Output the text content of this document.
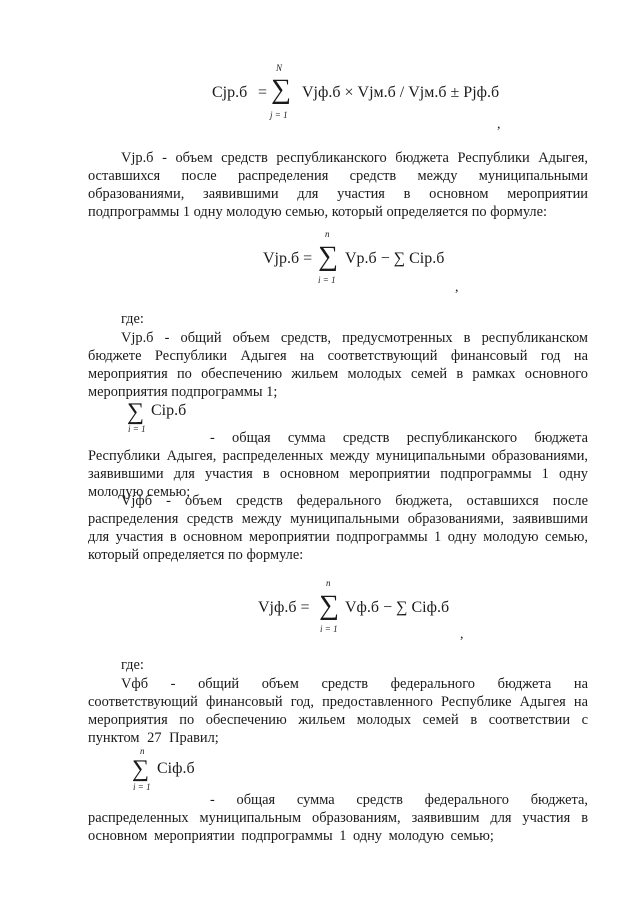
Cjр.б =
N
∑
j = 1
Vjф.б × Vjм.б / Vjм.б ± Pjф.б
,
Vjр.б - объем средств республиканского бюджета Республики Адыгея, оставшихся после распределения средств между муниципальными образованиями, заявившими для участия в основном мероприятии подпрограммы 1 одну молодую семью, который определяется по формуле:
Vjр.б =
n
∑
i = 1
Vр.б − ∑ Ciр.б
,
где:
Vjр.б - общий объем средств, предусмотренных в республиканском бюджете Республики Адыгея на соответствующий финансовый год на мероприятия по обеспечению жильем молодых семей в рамках основного мероприятия подпрограммы 1;
∑ Ciр.б
i = 1
- общая сумма средств республиканского бюджета Республики Адыгея, распределенных между муниципальными образованиями, заявившими для участия в основном мероприятии подпрограммы 1 одну молодую семью;
Vjфб - объем средств федерального бюджета, оставшихся после распределения средств между муниципальными образованиями, заявившими для участия в основном мероприятии подпрограммы 1 одну молодую семью, который определяется по формуле:
Vjф.б =
n
∑
i = 1
Vф.б − ∑ Ciф.б
,
где:
Vфб - общий объем средств федерального бюджета на соответствующий финансовый год, предоставленного Республике Адыгея на мероприятия по обеспечению жильем молодых семей в соответствии с пунктом 27 Правил;
n
∑ Ciф.б
i = 1
- общая сумма средств федерального бюджета, распределенных муниципальным образованиям, заявившим для участия в основном мероприятии подпрограммы 1 одну молодую семью;
